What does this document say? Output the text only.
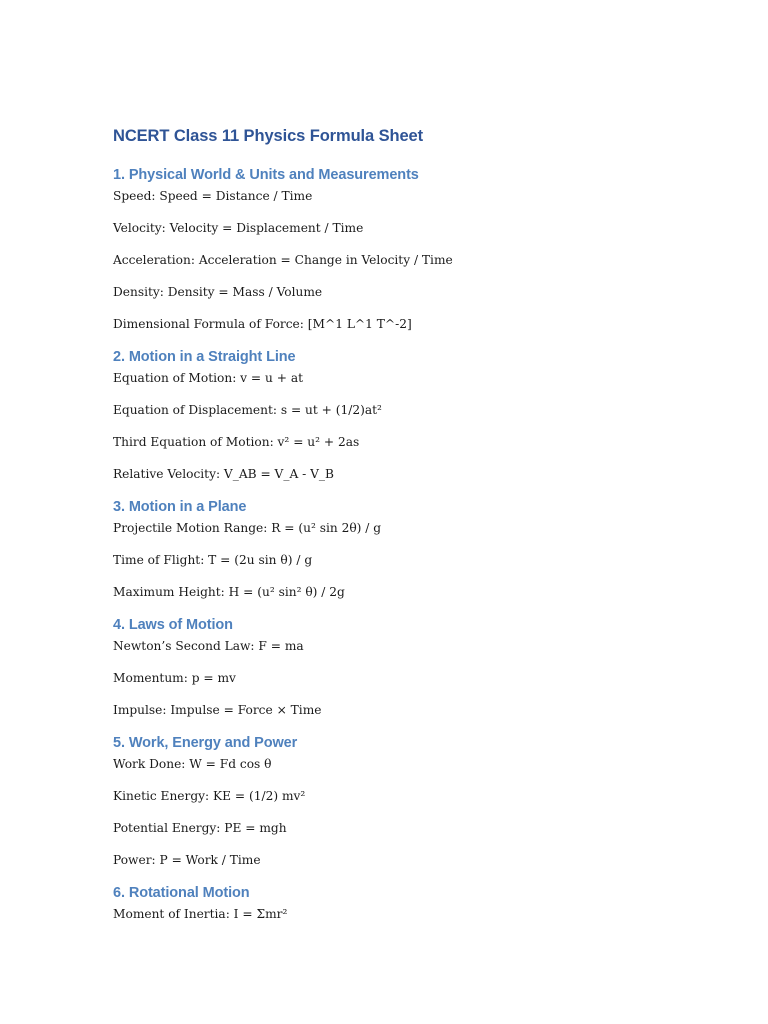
NCERT Class 11 Physics Formula Sheet
1. Physical World & Units and Measurements

Speed: Speed = Distance / Time

Velocity: Velocity = Displacement / Time

Acceleration: Acceleration = Change in Velocity / Time

Density: Density = Mass / Volume

Dimensional Formula of Force: [M^1 L^1 T^-2]

2. Motion in a Straight Line

Equation of Motion: v = u + at

Equation of Displacement: s = ut + (1/2)at²

Third Equation of Motion: v² = u² + 2as

Relative Velocity: V_AB = V_A - V_B

3. Motion in a Plane

Projectile Motion Range: R = (u² sin 2θ) / g

Time of Flight: T = (2u sin θ) / g

Maximum Height: H = (u² sin² θ) / 2g

4. Laws of Motion

Newton’s Second Law: F = ma

Momentum: p = mv

Impulse: Impulse = Force × Time

5. Work, Energy and Power

Work Done: W = Fd cos θ

Kinetic Energy: KE = (1/2) mv²

Potential Energy: PE = mgh

Power: P = Work / Time

6. Rotational Motion

Moment of Inertia: I = Σmr²
